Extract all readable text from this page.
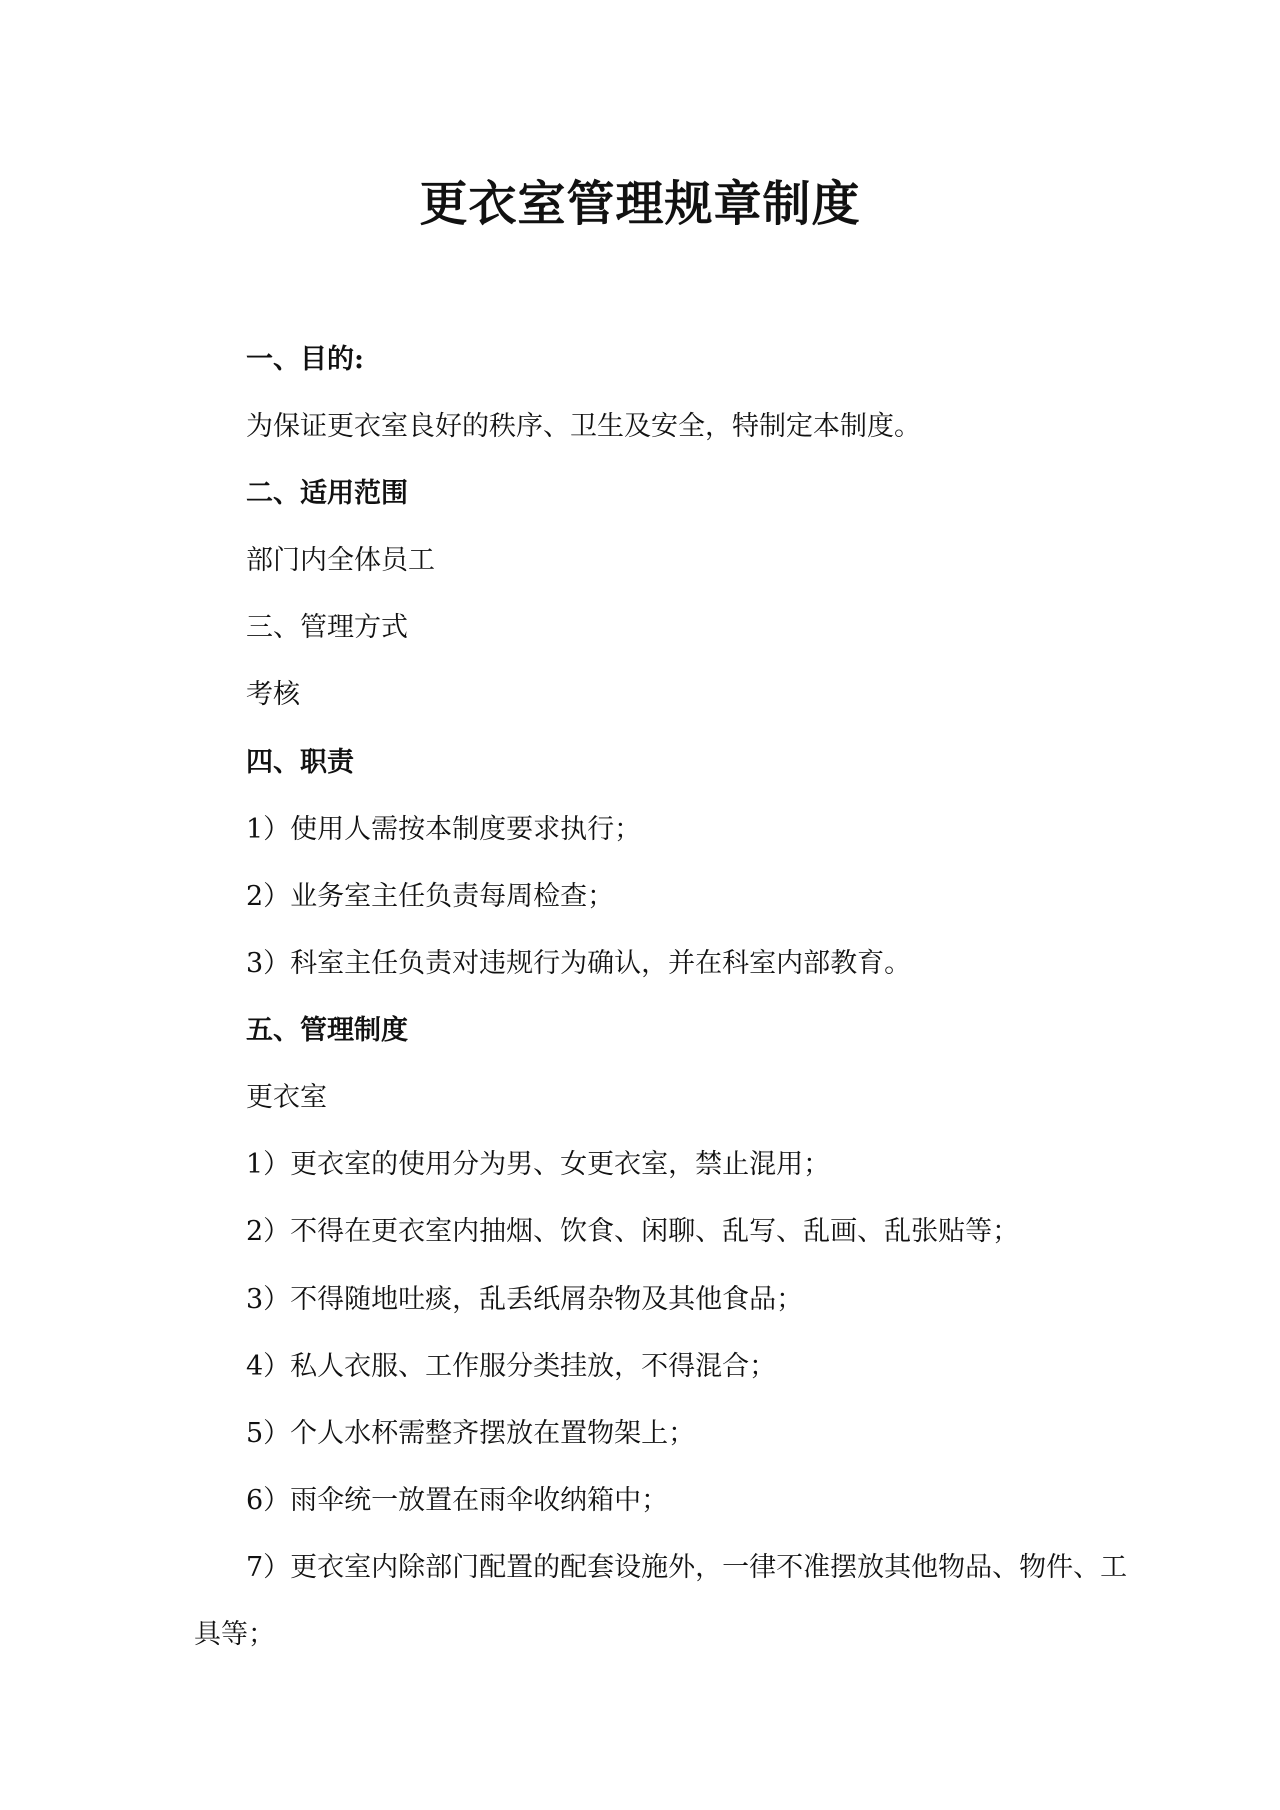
更衣室管理规章制度
一、目的:
为保证更衣室良好的秩序、卫生及安全，特制定本制度。
二、适用范围
部门内全体员工
三、管理方式
考核
四、职责
1）使用人需按本制度要求执行；
2）业务室主任负责每周检查；
3）科室主任负责对违规行为确认，并在科室内部教育。
五、管理制度
更衣室
1）更衣室的使用分为男、女更衣室，禁止混用；
2）不得在更衣室内抽烟、饮食、闲聊、乱写、乱画、乱张贴等；
3）不得随地吐痰，乱丢纸屑杂物及其他食品；
4）私人衣服、工作服分类挂放，不得混合；
5）个人水杯需整齐摆放在置物架上；
6）雨伞统一放置在雨伞收纳箱中；
7）更衣室内除部门配置的配套设施外，一律不准摆放其他物品、物件、工
具等；
